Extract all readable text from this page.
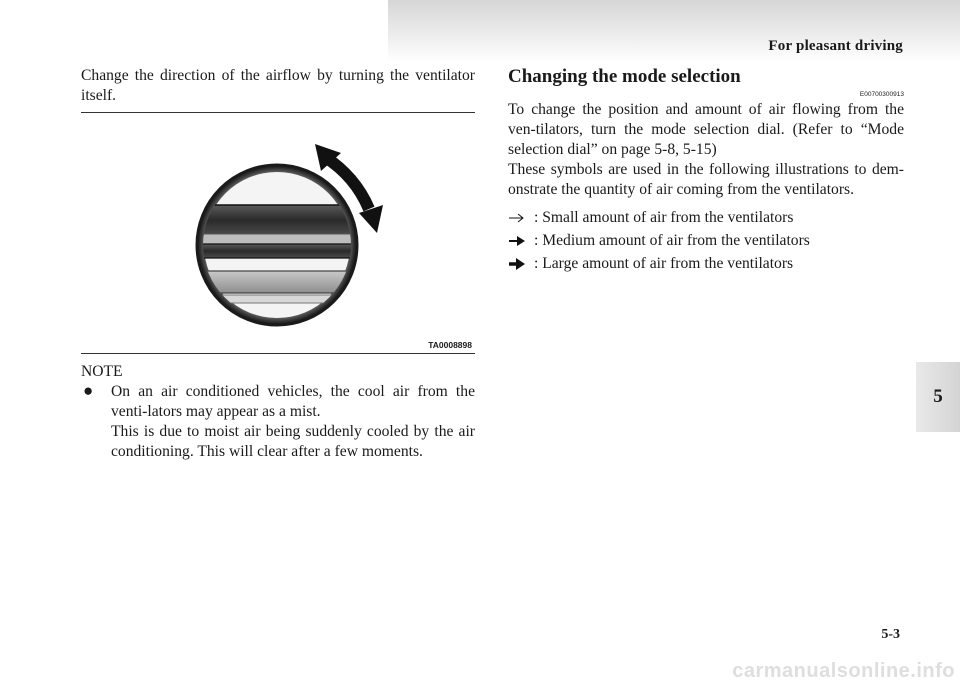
For pleasant driving
5

Change the direction of the airflow by turning the ventilator itself.

TA0008898

NOTE

● On an air conditioned vehicles, the cool air from the venti-lators may appear as a mist.

This is due to moist air being suddenly cooled by the air conditioning. This will clear after a few moments.

Changing the mode selection

E00700300913

To change the position and amount of air flowing from the ven-tilators, turn the mode selection dial. (Refer to “Mode selection dial” on page 5-8, 5-15)

These symbols are used in the following illustrations to dem-onstrate the quantity of air coming from the ventilators.

: Small amount of air from the ventilators
: Medium amount of air from the ventilators
: Large amount of air from the ventilators
5-3
carmanualsonline.info
